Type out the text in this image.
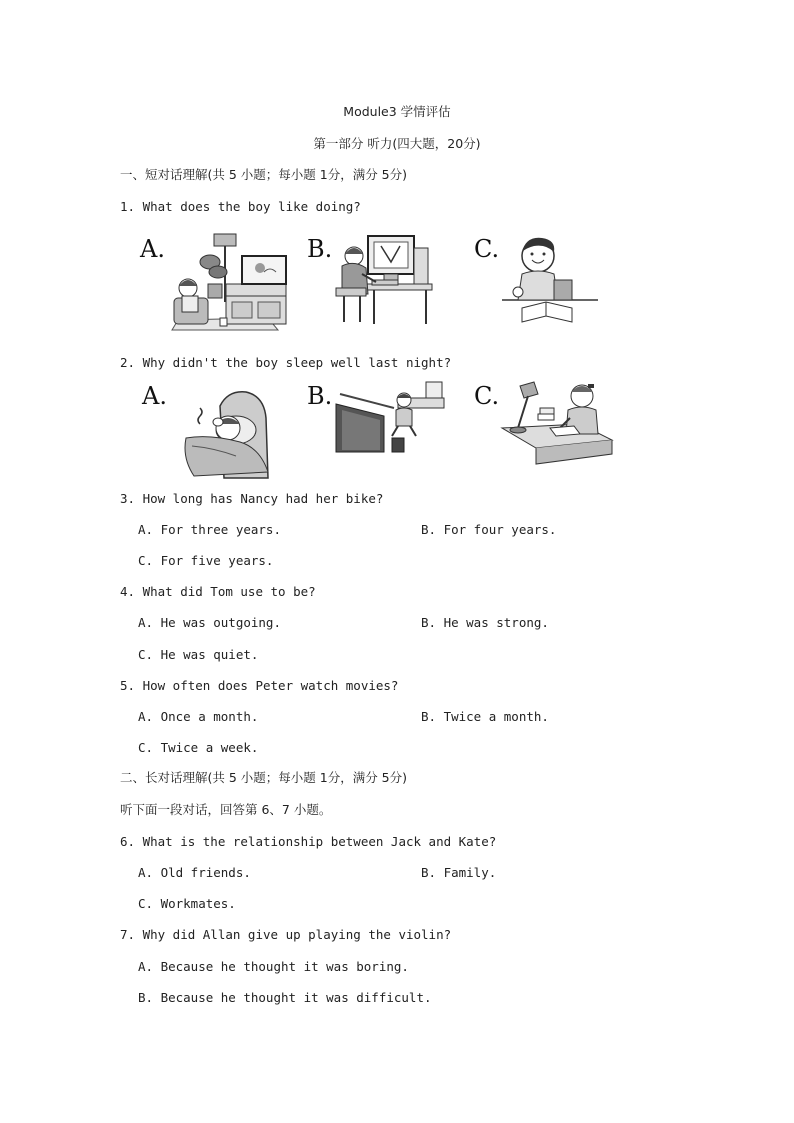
Module3 学情评估
第一部分 听力(四大题，20分)
一、短对话理解(共 5 小题；每小题 1分，满分 5分)
1. What does the boy like doing?
A.	B.	C.
2. Why didn't the boy sleep well last night?
A.	B.	C.
3. How long has Nancy had her bike?
A. For three years.	B. For four years.
C. For five years.
4. What did Tom use to be?
A. He was outgoing.	B. He was strong.
C. He was quiet.
5. How often does Peter watch movies?
A. Once a month.	B. Twice a month.
C. Twice a week.
二、长对话理解(共 5 小题；每小题 1分，满分 5分)
听下面一段对话，回答第 6、7 小题。
6. What is the relationship between Jack and Kate?
A. Old friends.	B. Family.
C. Workmates.
7. Why did Allan give up playing the violin?
A. Because he thought it was boring.
B. Because he thought it was difficult.
